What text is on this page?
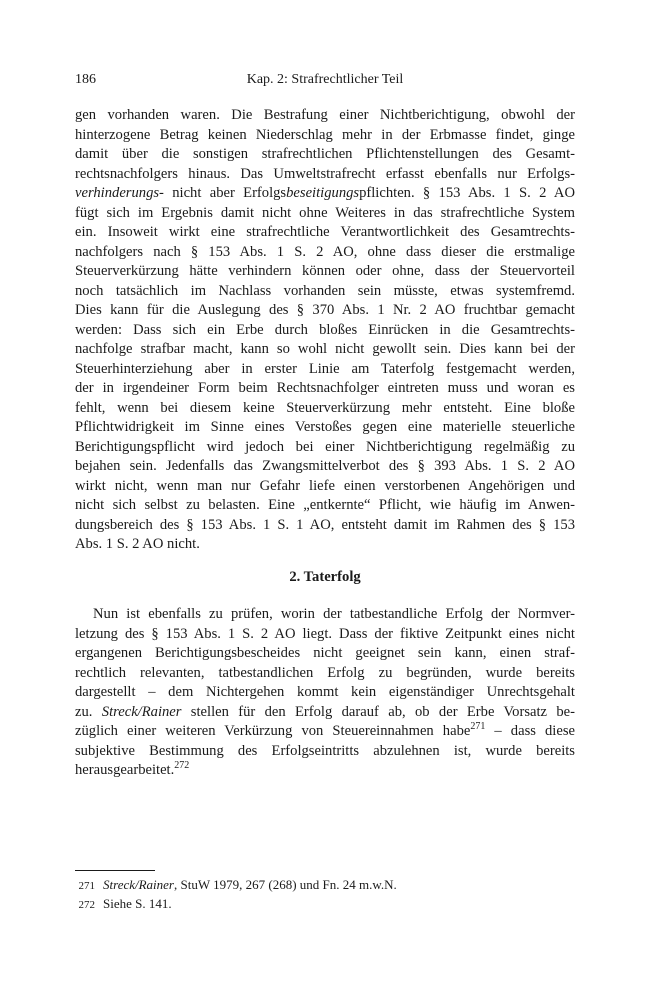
186	Kap. 2: Strafrechtlicher Teil
gen vorhanden waren. Die Bestrafung einer Nichtberichtigung, obwohl der
hinterzogene Betrag keinen Niederschlag mehr in der Erbmasse findet, ginge
damit über die sonstigen strafrechtlichen Pflichtenstellungen des Gesamt-
rechtsnachfolgers hinaus. Das Umweltstrafrecht erfasst ebenfalls nur Erfolgs-
verhinderungs- nicht aber Erfolgsbeseitigungspflichten. § 153 Abs. 1 S. 2 AO
fügt sich im Ergebnis damit nicht ohne Weiteres in das strafrechtliche System
ein. Insoweit wirkt eine strafrechtliche Verantwortlichkeit des Gesamtrechts-
nachfolgers nach § 153 Abs. 1 S. 2 AO, ohne dass dieser die erstmalige
Steuerverkürzung hätte verhindern können oder ohne, dass der Steuervorteil
noch tatsächlich im Nachlass vorhanden sein müsste, etwas systemfremd.
Dies kann für die Auslegung des § 370 Abs. 1 Nr. 2 AO fruchtbar gemacht
werden: Dass sich ein Erbe durch bloßes Einrücken in die Gesamtrechts-
nachfolge strafbar macht, kann so wohl nicht gewollt sein. Dies kann bei der
Steuerhinterziehung aber in erster Linie am Taterfolg festgemacht werden,
der in irgendeiner Form beim Rechtsnachfolger eintreten muss und woran es
fehlt, wenn bei diesem keine Steuerverkürzung mehr entsteht. Eine bloße
Pflichtwidrigkeit im Sinne eines Verstoßes gegen eine materielle steuerliche
Berichtigungspflicht wird jedoch bei einer Nichtberichtigung regelmäßig zu
bejahen sein. Jedenfalls das Zwangsmittelverbot des § 393 Abs. 1 S. 2 AO
wirkt nicht, wenn man nur Gefahr liefe einen verstorbenen Angehörigen und
nicht sich selbst zu belasten. Eine „entkernte“ Pflicht, wie häufig im Anwen-
dungsbereich des § 153 Abs. 1 S. 1 AO, entsteht damit im Rahmen des § 153
Abs. 1 S. 2 AO nicht.
2. Taterfolg
Nun ist ebenfalls zu prüfen, worin der tatbestandliche Erfolg der Normver-
letzung des § 153 Abs. 1 S. 2 AO liegt. Dass der fiktive Zeitpunkt eines nicht
ergangenen Berichtigungsbescheides nicht geeignet sein kann, einen straf-
rechtlich relevanten, tatbestandlichen Erfolg zu begründen, wurde bereits
dargestellt – dem Nichtergehen kommt kein eigenständiger Unrechtsgehalt
zu. Streck/Rainer stellen für den Erfolg darauf ab, ob der Erbe Vorsatz be-
züglich einer weiteren Verkürzung von Steuereinnahmen habe$^{271}$ – dass diese
subjektive Bestimmung des Erfolgseintritts abzulehnen ist, wurde bereits
herausgearbeitet.$^{272}$
271 Streck/Rainer, StuW 1979, 267 (268) und Fn. 24 m.w.N.
272 Siehe S. 141.
